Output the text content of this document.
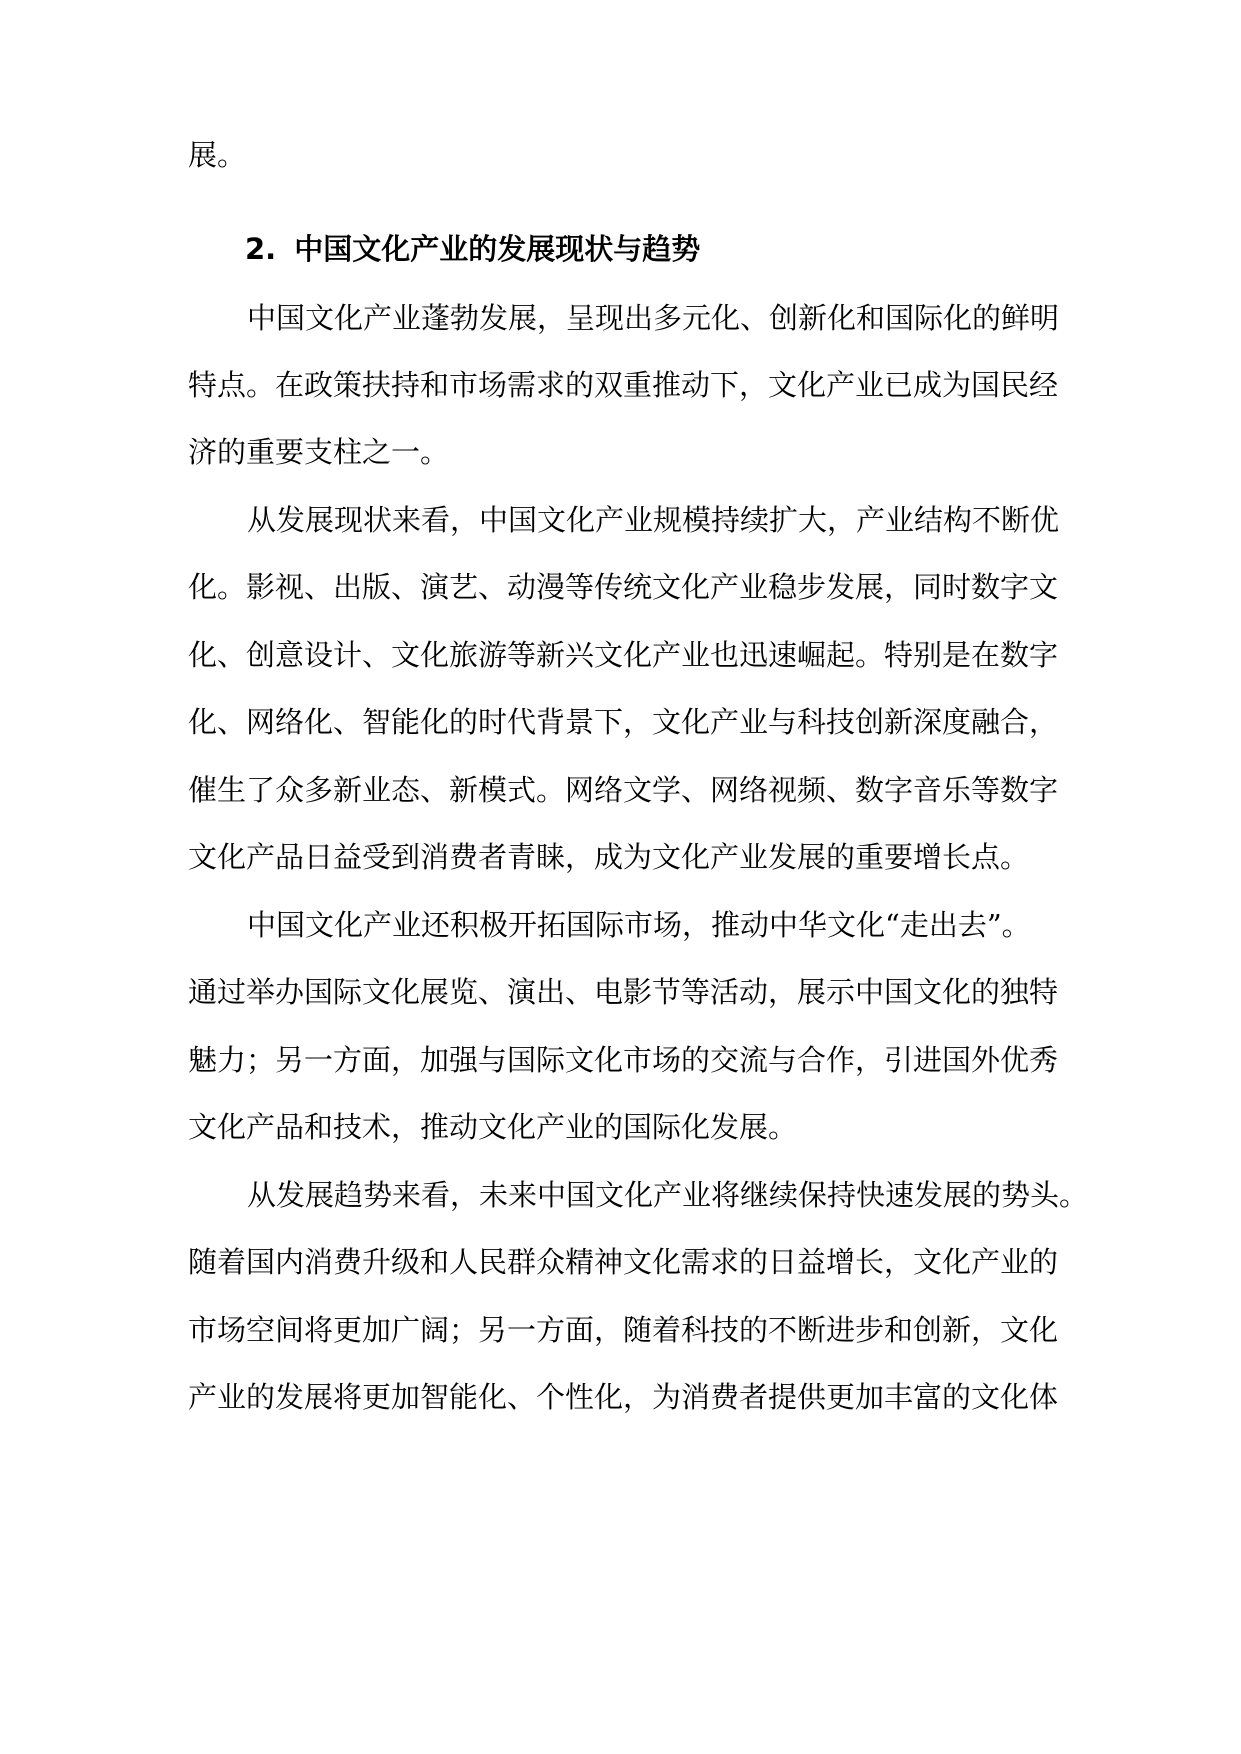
展。
2. 中国文化产业的发展现状与趋势
中国文化产业蓬勃发展，呈现出多元化、创新化和国际化的鲜明
特点。在政策扶持和市场需求的双重推动下，文化产业已成为国民经
济的重要支柱之一。
从发展现状来看，中国文化产业规模持续扩大，产业结构不断优
化。影视、出版、演艺、动漫等传统文化产业稳步发展，同时数字文
化、创意设计、文化旅游等新兴文化产业也迅速崛起。特别是在数字
化、网络化、智能化的时代背景下，文化产业与科技创新深度融合，
催生了众多新业态、新模式。网络文学、网络视频、数字音乐等数字
文化产品日益受到消费者青睐，成为文化产业发展的重要增长点。
中国文化产业还积极开拓国际市场，推动中华文化“走出去”。
通过举办国际文化展览、演出、电影节等活动，展示中国文化的独特
魅力；另一方面，加强与国际文化市场的交流与合作，引进国外优秀
文化产品和技术，推动文化产业的国际化发展。
从发展趋势来看，未来中国文化产业将继续保持快速发展的势头。
随着国内消费升级和人民群众精神文化需求的日益增长，文化产业的
市场空间将更加广阔；另一方面，随着科技的不断进步和创新，文化
产业的发展将更加智能化、个性化，为消费者提供更加丰富的文化体
